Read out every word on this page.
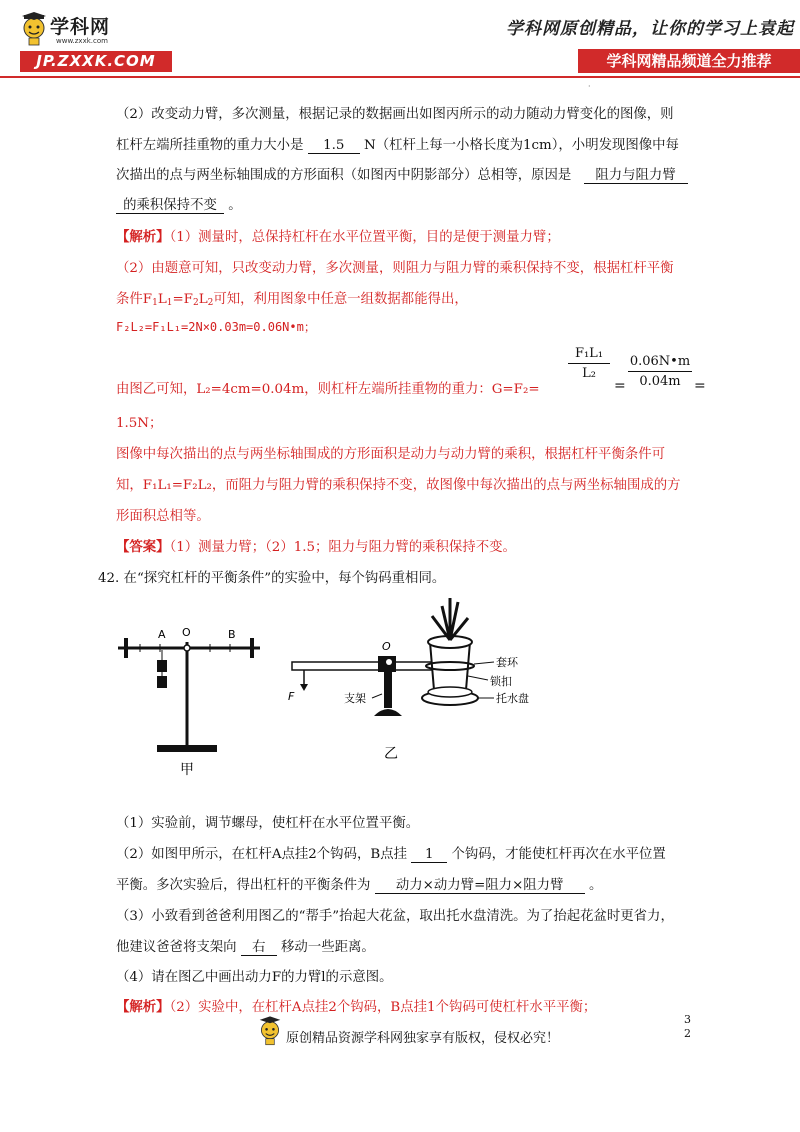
学科网
www.zxxk.com
JP.ZXXK.COM
学科网原创精品，让你的学习上袁起
学科网精品频道全力推荐
·
（2）改变动力臂，多次测量，根据记录的数据画出如图丙所示的动力随动力臂变化的图像，则
杠杆左端所挂重物的重力大小是 1.5 N（杠杆上每一小格长度为1cm），小明发现图像中每
次描出的点与两坐标轴围成的方形面积（如图丙中阴影部分）总相等，原因是 阻力与阻力臂
的乘积保持不变 。
【解析】（1）测量时，总保持杠杆在水平位置平衡，目的是便于测量力臂；
（2）由题意可知，只改变动力臂，多次测量，则阻力与阻力臂的乘积保持不变，根据杠杆平衡
条件$F_1L_1=F_2L_2$可知，利用图象中任意一组数据都能得出，
F₂L₂=F₁L₁=2N×0.03m=0.06N•m；
由图乙可知，L₂=4cm=0.04m，则杠杆左端所挂重物的重力：G=F₂=
F₁L₁
L₂
=
0.06N•m
0.04m =
1.5N；
图像中每次描出的点与两坐标轴围成的方形面积是动力与动力臂的乘积，根据杠杆平衡条件可
知，F₁L₁=F₂L₂，而阻力与阻力臂的乘积保持不变，故图像中每次描出的点与两坐标轴围成的方
形面积总相等。
【答案】（1）测量力臂；（2）1.5；阻力与阻力臂的乘积保持不变。
42. 在“探究杠杆的平衡条件”的实验中，每个钩码重相同。
A O	B
甲
F
O
支架
套环
锁扣
托水盘
乙
（1）实验前，调节螺母，使杠杆在水平位置平衡。
（2）如图甲所示，在杠杆A点挂2个钩码，B点挂 1 个钩码，才能使杠杆再次在水平位置
平衡。多次实验后，得出杠杆的平衡条件为 动力×动力臂=阻力×阻力臂 。
（3）小致看到爸爸利用图乙的“帮手”抬起大花盆，取出托水盘清洗。为了抬起花盆时更省力，
他建议爸爸将支架向 右 移动一些距离。
（4）请在图乙中画出动力F的力臂l的示意图。
【解析】（2）实验中，在杠杆A点挂2个钩码，B点挂1个钩码可使杠杆水平平衡；
原创精品资源学科网独家享有版权，侵权必究！
3
2
